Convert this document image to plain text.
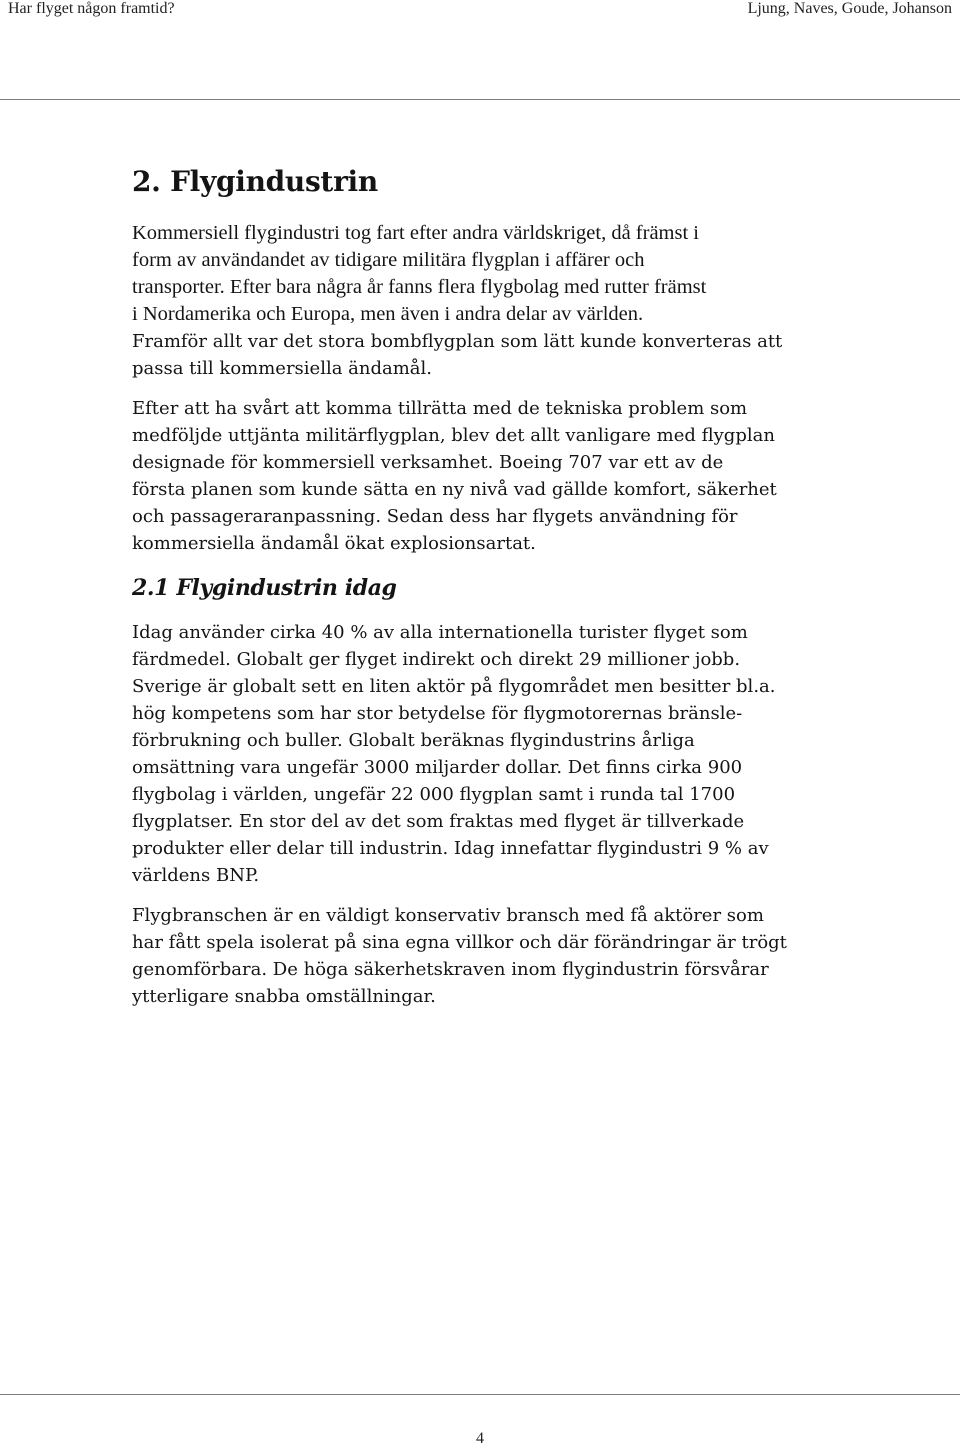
Har flyget någon framtid?	Ljung, Naves, Goude, Johanson
2. Flygindustrin
Kommersiell flygindustri tog fart efter andra världskriget, då främst i
form av användandet av tidigare militära flygplan i affärer och
transporter. Efter bara några år fanns flera flygbolag med rutter främst
i Nordamerika och Europa, men även i andra delar av världen.
Framför allt var det stora bombflygplan som lätt kunde konverteras att
passa till kommersiella ändamål.
Efter att ha svårt att komma tillrätta med de tekniska problem som
medföljde uttjänta militärflygplan, blev det allt vanligare med flygplan
designade för kommersiell verksamhet. Boeing 707 var ett av de
första planen som kunde sätta en ny nivå vad gällde komfort, säkerhet
och passageraranpassning. Sedan dess har flygets användning för
kommersiella ändamål ökat explosionsartat.
2.1 Flygindustrin idag
Idag använder cirka 40 % av alla internationella turister flyget som
färdmedel. Globalt ger flyget indirekt och direkt 29 millioner jobb.
Sverige är globalt sett en liten aktör på flygområdet men besitter bl.a.
hög kompetens som har stor betydelse för flygmotorernas bränsle-
förbrukning och buller. Globalt beräknas flygindustrins årliga
omsättning vara ungefär 3000 miljarder dollar. Det finns cirka 900
flygbolag i världen, ungefär 22 000 flygplan samt i runda tal 1700
flygplatser. En stor del av det som fraktas med flyget är tillverkade
produkter eller delar till industrin. Idag innefattar flygindustri 9 % av
världens BNP.
Flygbranschen är en väldigt konservativ bransch med få aktörer som
har fått spela isolerat på sina egna villkor och där förändringar är trögt
genomförbara. De höga säkerhetskraven inom flygindustrin försvårar
ytterligare snabba omställningar.
4
